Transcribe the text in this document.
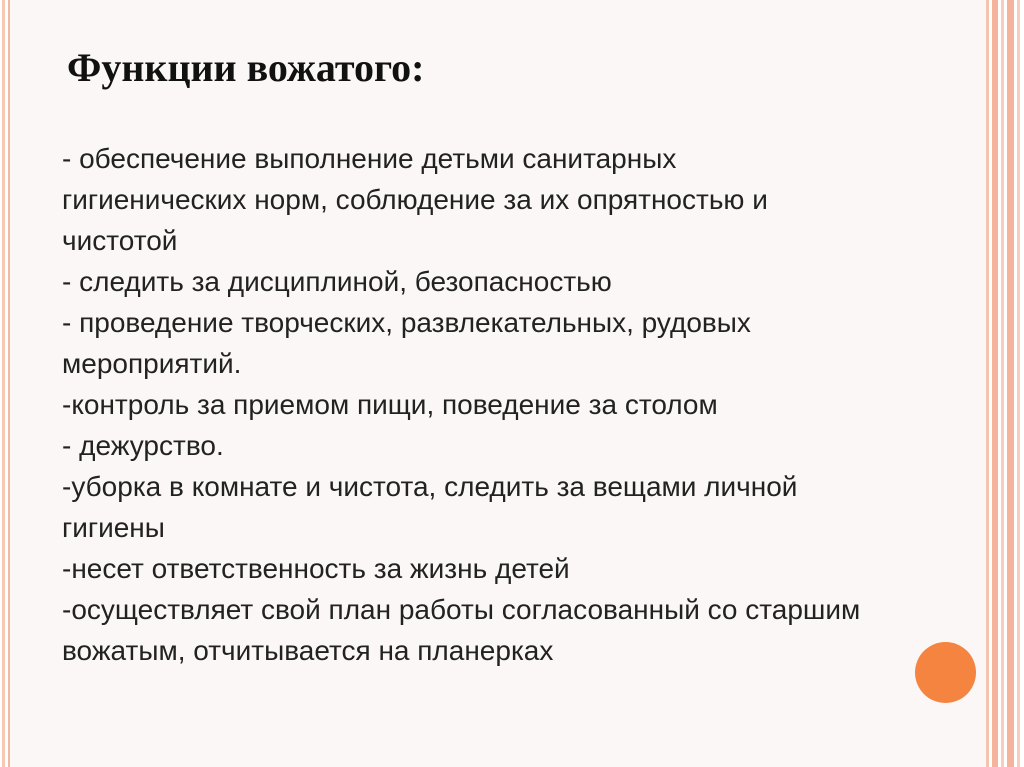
Функции вожатого:
- обеспечение выполнение детьми санитарных
гигиенических норм, соблюдение за их опрятностью и
чистотой
- следить за дисциплиной, безопасностью
- проведение творческих, развлекательных, рудовых
мероприятий.
-контроль за приемом пищи, поведение за столом
- дежурство.
-уборка в комнате и чистота, следить за вещами личной
гигиены
-несет ответственность за жизнь детей
-осуществляет свой план работы согласованный со старшим
вожатым, отчитывается на планерках
